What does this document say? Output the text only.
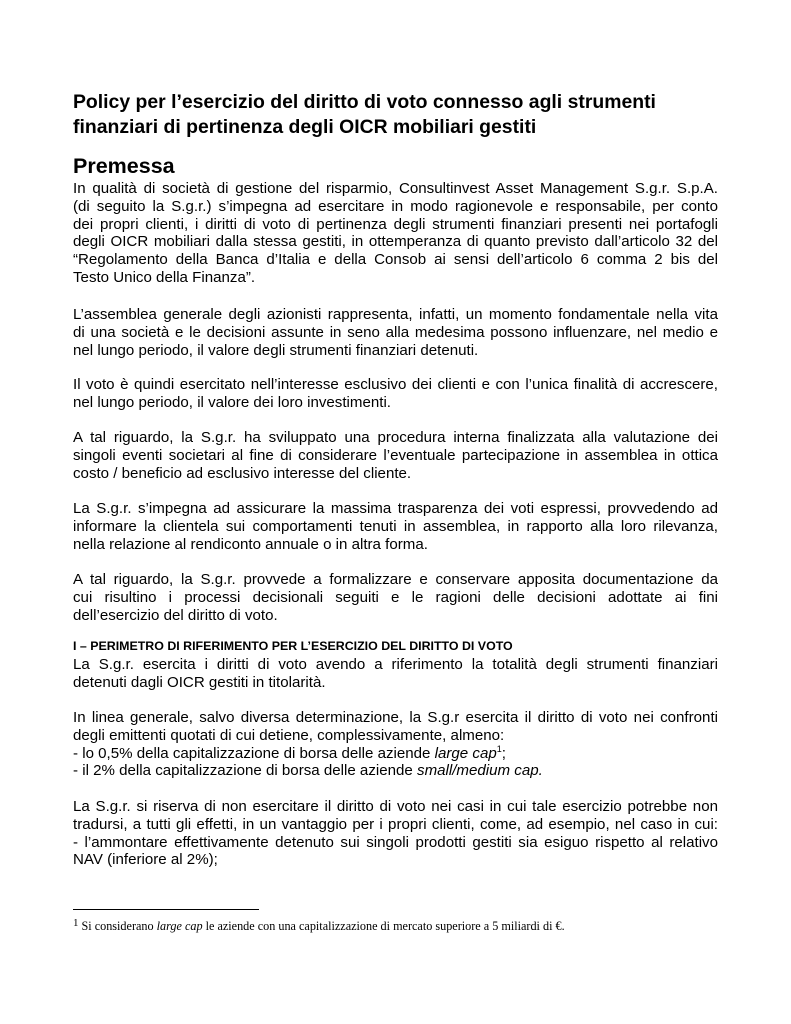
Policy per l’esercizio del diritto di voto connesso agli strumenti
finanziari di pertinenza degli OICR mobiliari gestiti
Premessa
In qualità di società di gestione del risparmio, Consultinvest Asset Management S.g.r. S.p.A.
(di seguito la S.g.r.) s’impegna ad esercitare in modo ragionevole e responsabile, per conto
dei propri clienti, i diritti di voto di pertinenza degli strumenti finanziari presenti nei portafogli
degli OICR mobiliari dalla stessa gestiti, in ottemperanza di quanto previsto dall’articolo 32 del
“Regolamento della Banca d’Italia e della Consob ai sensi dell’articolo 6 comma 2 bis del
Testo Unico della Finanza”.
L’assemblea generale degli azionisti rappresenta, infatti, un momento fondamentale nella vita
di una società e le decisioni assunte in seno alla medesima possono influenzare, nel medio e
nel lungo periodo, il valore degli strumenti finanziari detenuti.
Il voto è quindi esercitato nell’interesse esclusivo dei clienti e con l’unica finalità di accrescere,
nel lungo periodo, il valore dei loro investimenti.
A tal riguardo, la S.g.r. ha sviluppato una procedura interna finalizzata alla valutazione dei
singoli eventi societari al fine di considerare l’eventuale partecipazione in assemblea in ottica
costo / beneficio ad esclusivo interesse del cliente.
La S.g.r. s’impegna ad assicurare la massima trasparenza dei voti espressi, provvedendo ad
informare la clientela sui comportamenti tenuti in assemblea, in rapporto alla loro rilevanza,
nella relazione al rendiconto annuale o in altra forma.
A tal riguardo, la S.g.r. provvede a formalizzare e conservare apposita documentazione da
cui risultino i processi decisionali seguiti e le ragioni delle decisioni adottate ai fini
dell’esercizio del diritto di voto.
I – PERIMETRO DI RIFERIMENTO PER L’ESERCIZIO DEL DIRITTO DI VOTO
La S.g.r. esercita i diritti di voto avendo a riferimento la totalità degli strumenti finanziari
detenuti dagli OICR gestiti in titolarità.
In linea generale, salvo diversa determinazione, la S.g.r esercita il diritto di voto nei confronti
degli emittenti quotati di cui detiene, complessivamente, almeno:
- lo 0,5% della capitalizzazione di borsa delle aziende large cap$^1$;
- il 2% della capitalizzazione di borsa delle aziende small/medium cap.
La S.g.r. si riserva di non esercitare il diritto di voto nei casi in cui tale esercizio potrebbe non
tradursi, a tutti gli effetti, in un vantaggio per i propri clienti, come, ad esempio, nel caso in cui:
- l’ammontare effettivamente detenuto sui singoli prodotti gestiti sia esiguo rispetto al relativo
NAV (inferiore al 2%);
1 Si considerano large cap le aziende con una capitalizzazione di mercato superiore a 5 miliardi di €.
